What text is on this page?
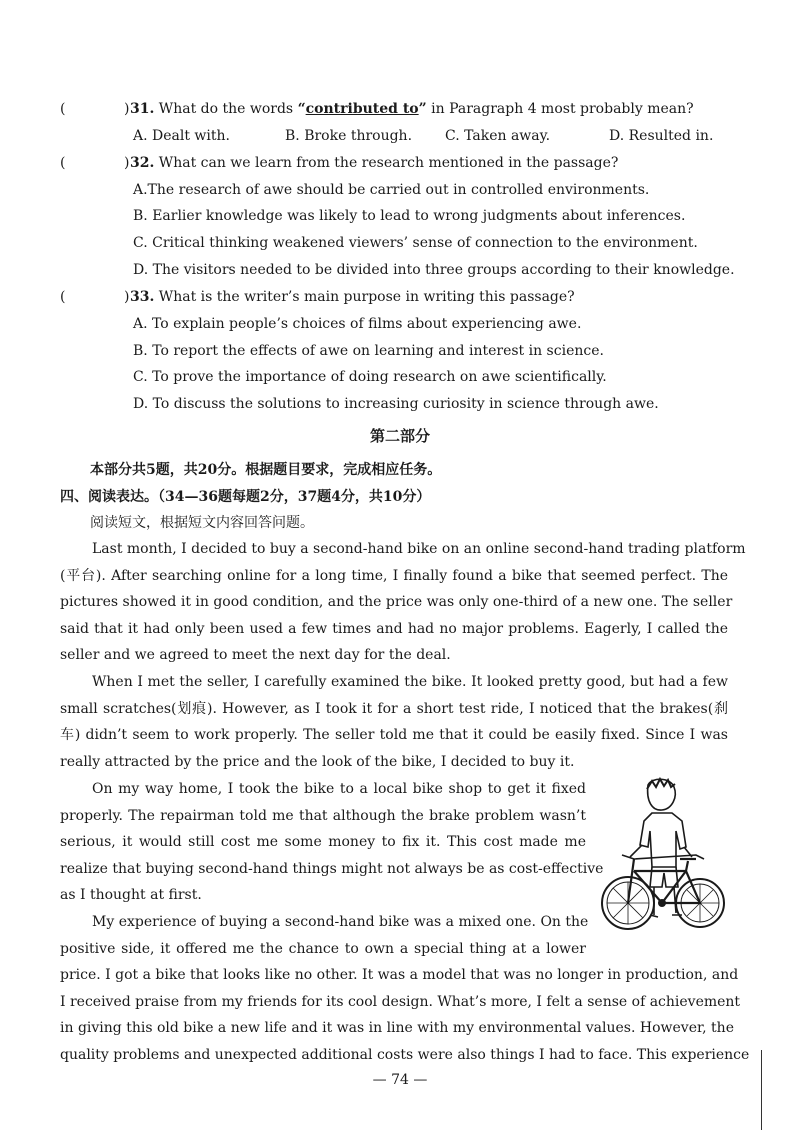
(	) 31. What do the words “contributed to” in Paragraph 4 most probably mean?
A. Dealt with.	B. Broke through. C. Taken away.	D. Resulted in.
(	) 32. What can we learn from the research mentioned in the passage?
A.The research of awe should be carried out in controlled environments.
B. Earlier knowledge was likely to lead to wrong judgments about inferences.
C. Critical thinking weakened viewers’ sense of connection to the environment.
D. The visitors needed to be divided into three groups according to their knowledge.
(	) 33. What is the writer’s main purpose in writing this passage?
A. To explain people’s choices of films about experiencing awe.
B. To report the effects of awe on learning and interest in science.
C. To prove the importance of doing research on awe scientifically.
D. To discuss the solutions to increasing curiosity in science through awe.
第二部分
本部分共5题，共20分。根据题目要求，完成相应任务。
四、阅读表达。（34—36题每题2分，37题4分，共10分）
阅读短文，根据短文内容回答问题。
Last month, I decided to buy a second-hand bike on an online second-hand trading platform
(平台). After searching online for a long time, I finally found a bike that seemed perfect. The
pictures showed it in good condition, and the price was only one-third of a new one. The seller
said that it had only been used a few times and had no major problems. Eagerly, I called the
seller and we agreed to meet the next day for the deal.
When I met the seller, I carefully examined the bike. It looked pretty good, but had a few
small scratches(划痕). However, as I took it for a short test ride, I noticed that the brakes(刹
车) didn’t seem to work properly. The seller told me that it could be easily fixed. Since I was
really attracted by the price and the look of the bike, I decided to buy it.
On my way home, I took the bike to a local bike shop to get it fixed
properly. The repairman told me that although the brake problem wasn’t
serious, it would still cost me some money to fix it. This cost made me
realize that buying second-hand things might not always be as cost-effective
as I thought at first.
My experience of buying a second-hand bike was a mixed one. On the
positive side, it offered me the chance to own a special thing at a lower
price. I got a bike that looks like no other. It was a model that was no longer in production, and
I received praise from my friends for its cool design. What’s more, I felt a sense of achievement
in giving this old bike a new life and it was in line with my environmental values. However, the
quality problems and unexpected additional costs were also things I had to face. This experience
— 74 —
